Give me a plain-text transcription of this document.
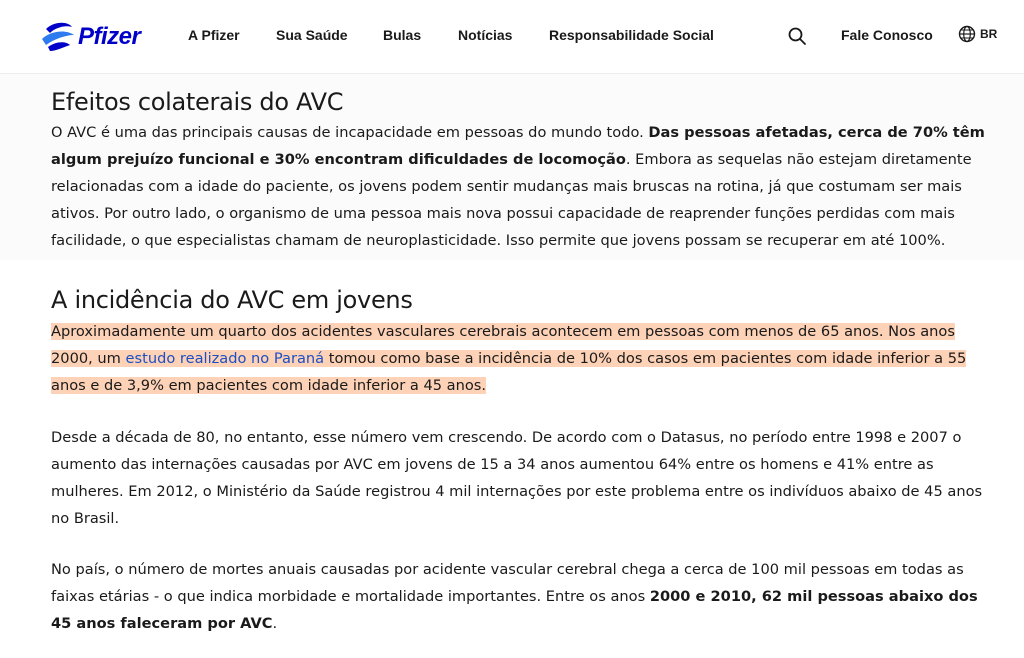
Pfizer	A Pfizer	Sua Saúde	Bulas	Notícias	Responsabilidade Social	Fale Conosco	BR
Efeitos colaterais do AVC

O AVC é uma das principais causas de incapacidade em pessoas do mundo todo. Das pessoas afetadas, cerca de 70% têm algum prejuízo funcional e 30% encontram dificuldades de locomoção. Embora as sequelas não estejam diretamente relacionadas com a idade do paciente, os jovens podem sentir mudanças mais bruscas na rotina, já que costumam ser mais ativos. Por outro lado, o organismo de uma pessoa mais nova possui capacidade de reaprender funções perdidas com mais facilidade, o que especialistas chamam de neuroplasticidade. Isso permite que jovens possam se recuperar em até 100%.

A incidência do AVC em jovens

Aproximadamente um quarto dos acidentes vasculares cerebrais acontecem em pessoas com menos de 65 anos. Nos anos 2000, um estudo realizado no Paraná tomou como base a incidência de 10% dos casos em pacientes com idade inferior a 55 anos e de 3,9% em pacientes com idade inferior a 45 anos.

Desde a década de 80, no entanto, esse número vem crescendo. De acordo com o Datasus, no período entre 1998 e 2007 o aumento das internações causadas por AVC em jovens de 15 a 34 anos aumentou 64% entre os homens e 41% entre as mulheres. Em 2012, o Ministério da Saúde registrou 4 mil internações por este problema entre os indivíduos abaixo de 45 anos no Brasil.

No país, o número de mortes anuais causadas por acidente vascular cerebral chega a cerca de 100 mil pessoas em todas as faixas etárias - o que indica morbidade e mortalidade importantes. Entre os anos 2000 e 2010, 62 mil pessoas abaixo dos 45 anos faleceram por AVC.
